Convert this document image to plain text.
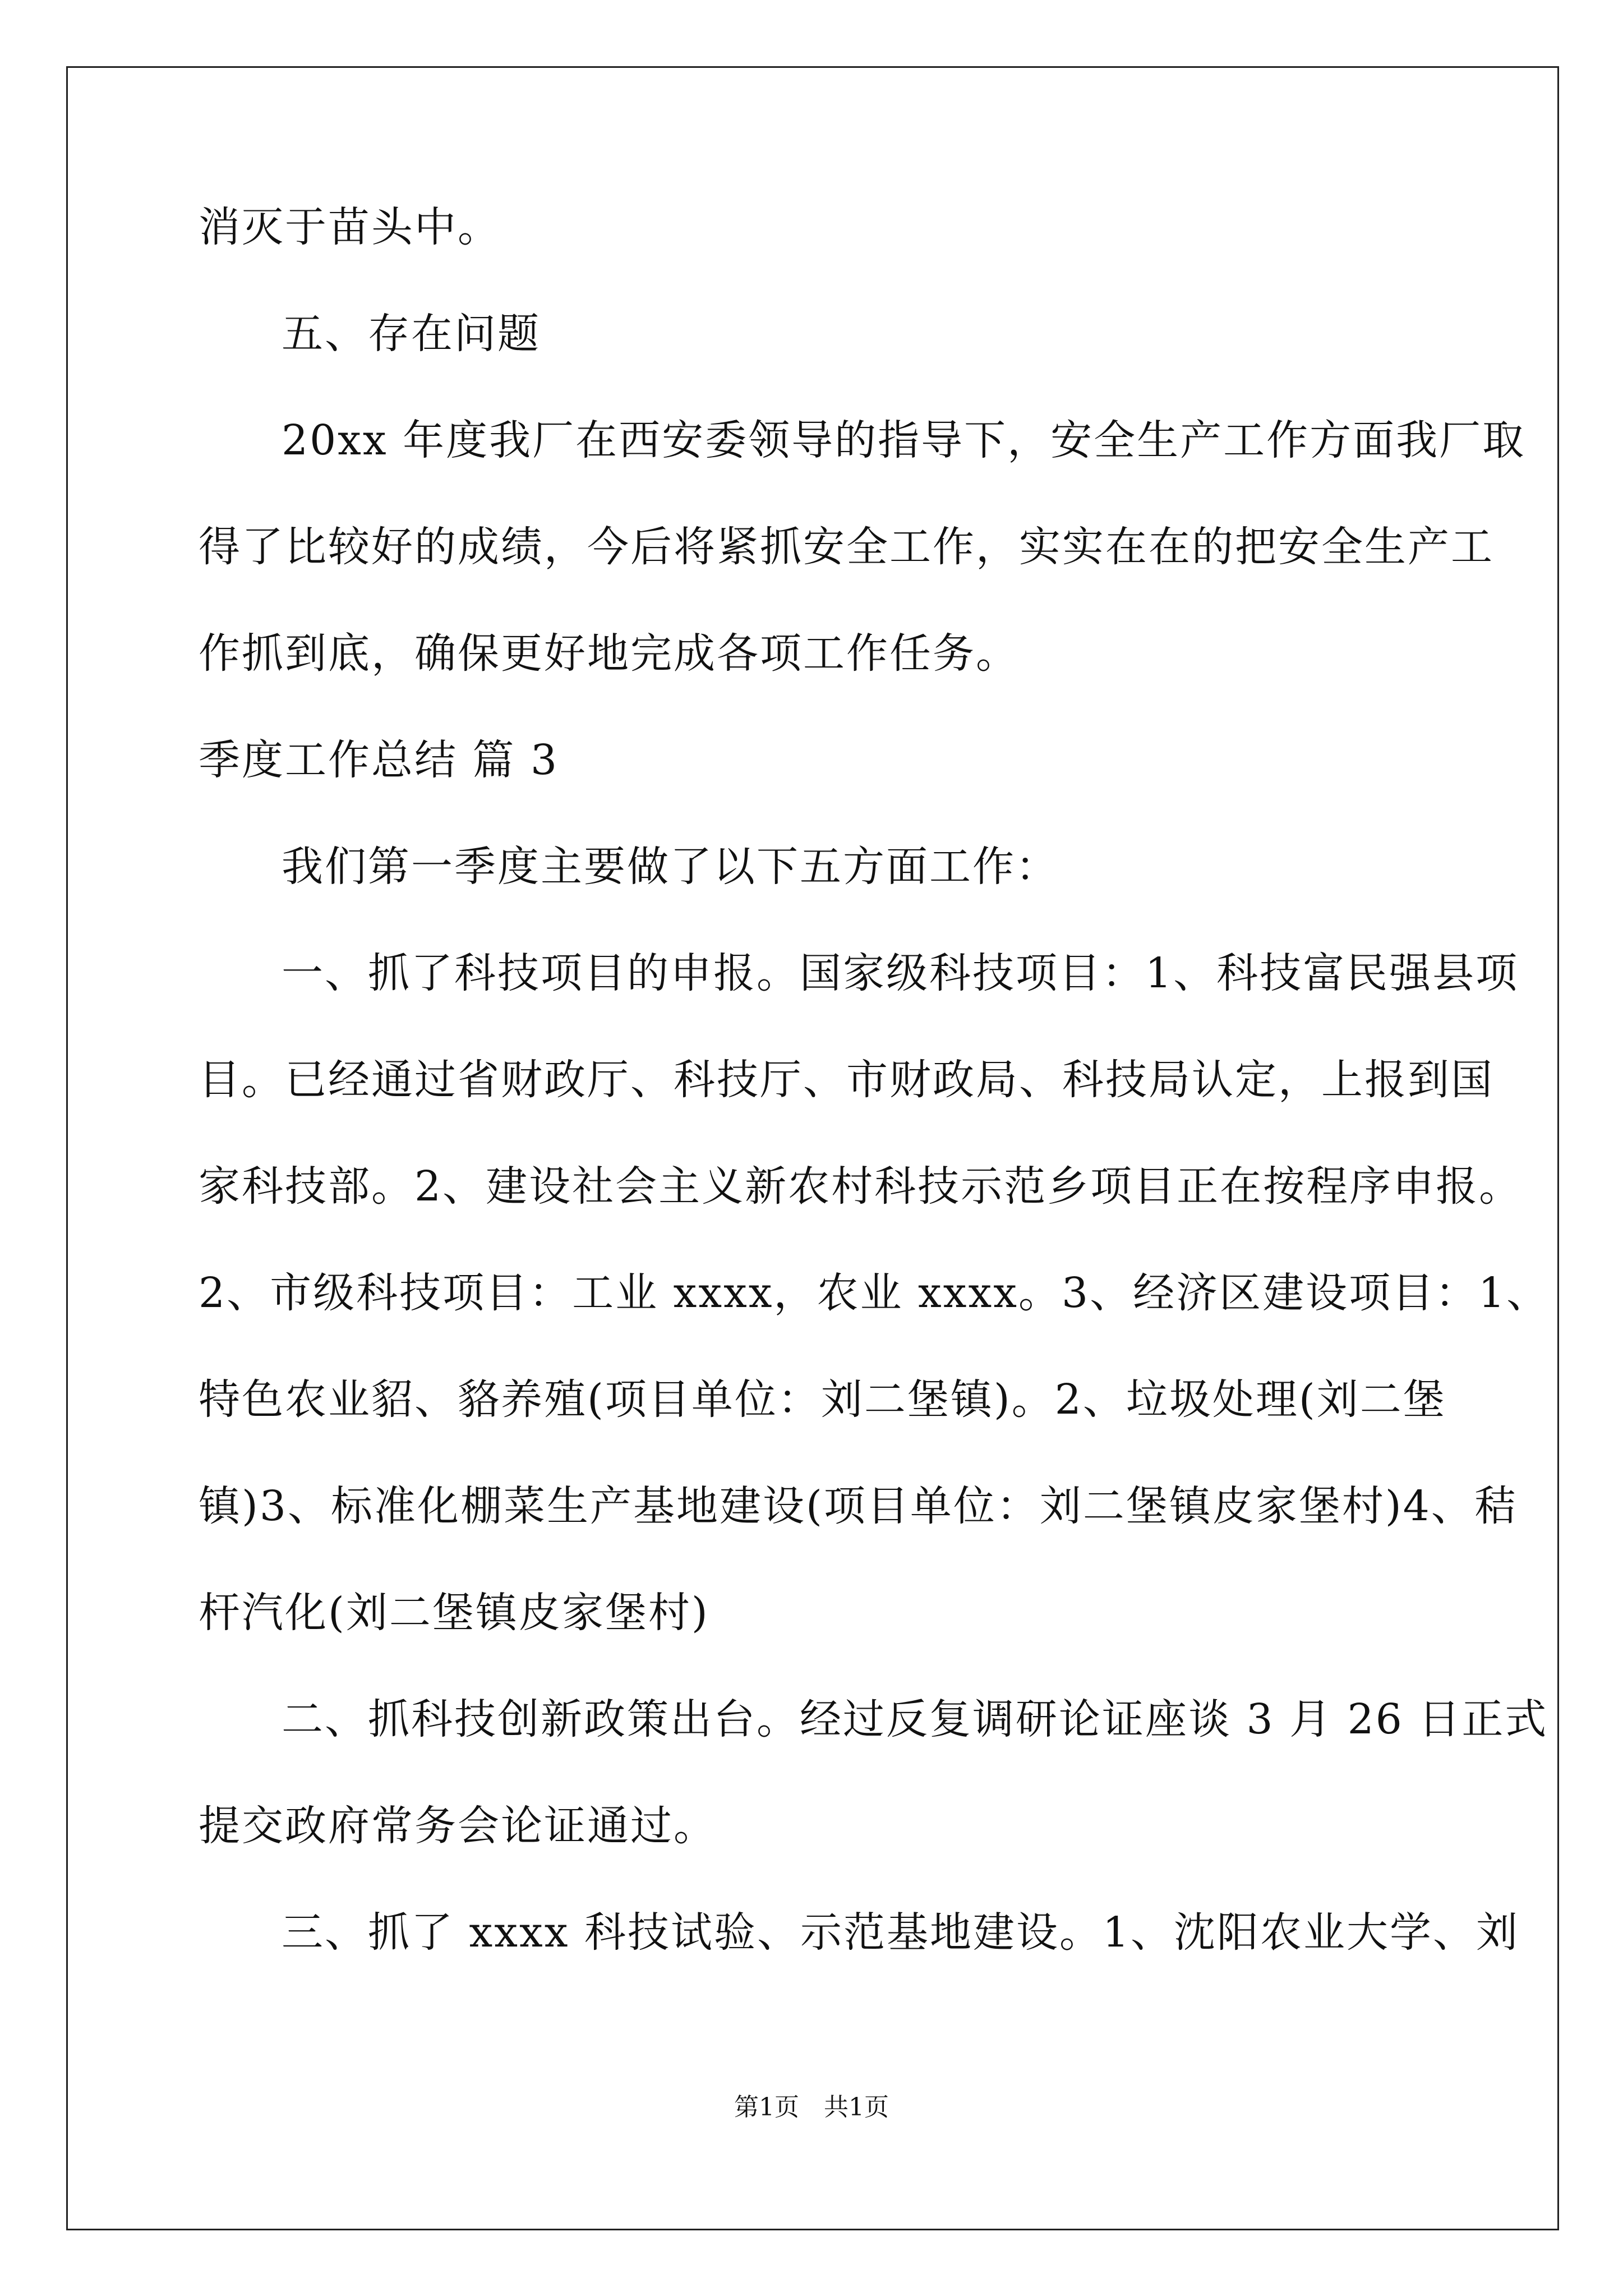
消灭于苗头中。
五、存在问题
20xx 年度我厂在西安委领导的指导下，安全生产工作方面我厂取
得了比较好的成绩，今后将紧抓安全工作，实实在在的把安全生产工
作抓到底，确保更好地完成各项工作任务。
季度工作总结 篇 3
我们第一季度主要做了以下五方面工作：
一、抓了科技项目的申报。国家级科技项目：1、科技富民强县项
目。已经通过省财政厅、科技厅、市财政局、科技局认定，上报到国
家科技部。2、建设社会主义新农村科技示范乡项目正在按程序申报。
2、市级科技项目：工业 xxxx，农业 xxxx。3、经济区建设项目：1、
特色农业貂、貉养殖(项目单位：刘二堡镇)。2、垃圾处理(刘二堡
镇)3、标准化棚菜生产基地建设(项目单位：刘二堡镇皮家堡村)4、秸
杆汽化(刘二堡镇皮家堡村)
二、抓科技创新政策出台。经过反复调研论证座谈 3 月 26 日正式
提交政府常务会论证通过。
三、抓了 xxxx 科技试验、示范基地建设。1、沈阳农业大学、刘
第1页　共1页
